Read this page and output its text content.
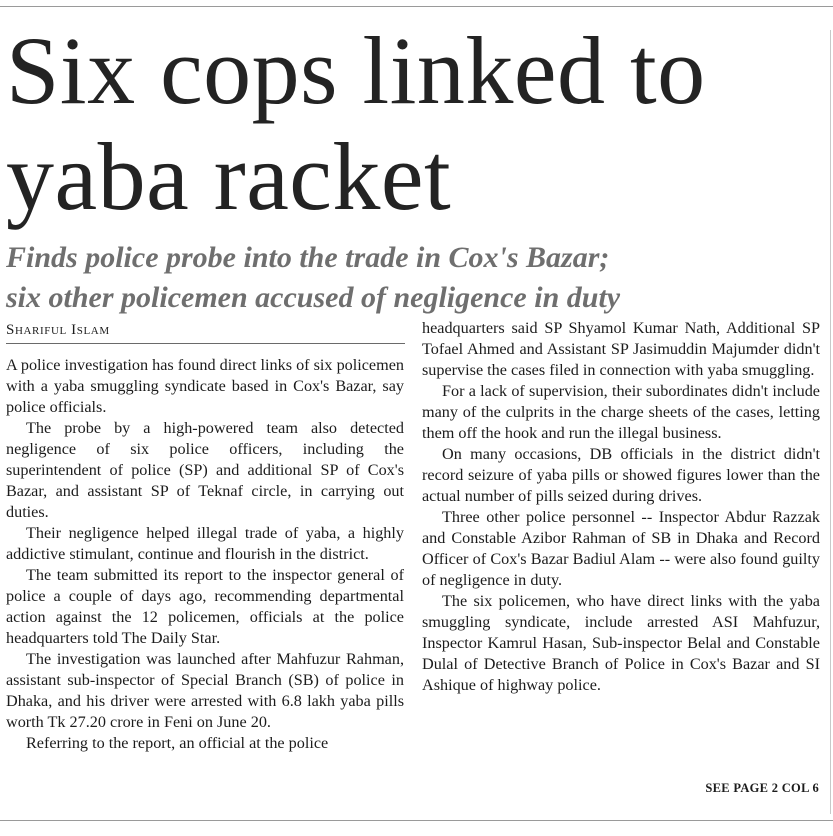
Six cops linked to
yaba racket
Finds police probe into the trade in Cox's Bazar;
six other policemen accused of negligence in duty
Shariful Islam

A police investigation has found direct links of six policemen with a yaba smuggling syndicate based in Cox's Bazar, say police officials.

The probe by a high-powered team also detected negligence of six police officers, including the superintendent of police (SP) and additional SP of Cox's Bazar, and assistant SP of Teknaf circle, in carrying out duties.

Their negligence helped illegal trade of yaba, a highly addictive stimulant, continue and flourish in the district.

The team submitted its report to the inspector general of police a couple of days ago, recommending departmental action against the 12 policemen, officials at the police headquarters told The Daily Star.

The investigation was launched after Mahfuzur Rahman, assistant sub-inspector of Special Branch (SB) of police in Dhaka, and his driver were arrested with 6.8 lakh yaba pills worth Tk 27.20 crore in Feni on June 20.

Referring to the report, an official at the police

headquarters said SP Shyamol Kumar Nath, Additional SP Tofael Ahmed and Assistant SP Jasimuddin Majumder didn't supervise the cases filed in connection with yaba smuggling.

For a lack of supervision, their subordinates didn't include many of the culprits in the charge sheets of the cases, letting them off the hook and run the illegal business.

On many occasions, DB officials in the district didn't record seizure of yaba pills or showed figures lower than the actual number of pills seized during drives.

Three other police personnel -- Inspector Abdur Razzak and Constable Azibor Rahman of SB in Dhaka and Record Officer of Cox's Bazar Badiul Alam -- were also found guilty of negligence in duty.

The six policemen, who have direct links with the yaba smuggling syndicate, include arrested ASI Mahfuzur, Inspector Kamrul Hasan, Sub-inspector Belal and Constable Dulal of Detective Branch of Police in Cox's Bazar and SI Ashique of highway police.

SEE PAGE 2 COL 6
